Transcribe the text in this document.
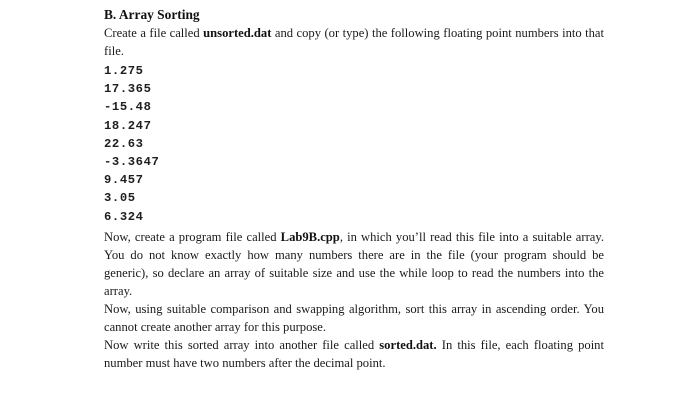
B. Array Sorting

Create a file called unsorted.dat and copy (or type) the following floating point numbers into that file.

1.275
17.365
-15.48
18.247
22.63
-3.3647
9.457
3.05
6.324

Now, create a program file called Lab9B.cpp, in which you’ll read this file into a suitable array. You do not know exactly how many numbers there are in the file (your program should be generic), so declare an array of suitable size and use the while loop to read the numbers into the array.

Now, using suitable comparison and swapping algorithm, sort this array in ascending order. You cannot create another array for this purpose.

Now write this sorted array into another file called sorted.dat. In this file, each floating point number must have two numbers after the decimal point.
